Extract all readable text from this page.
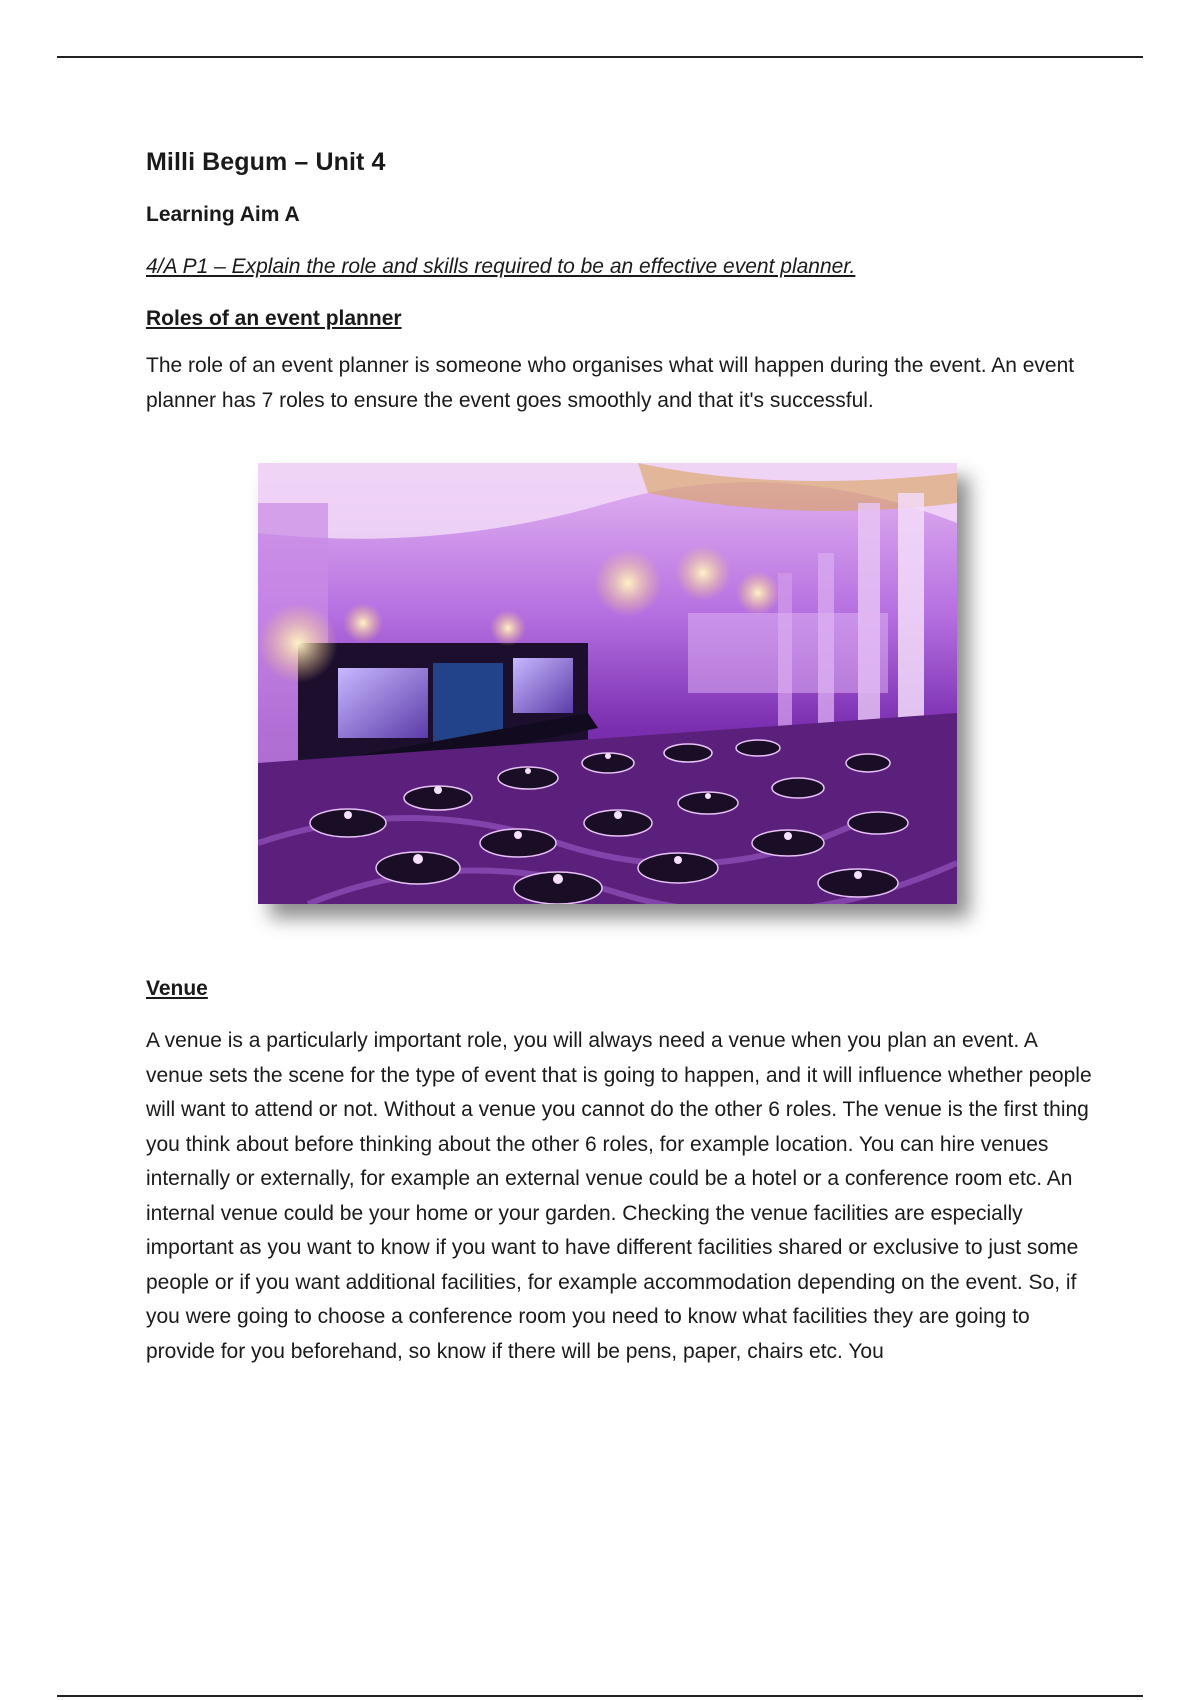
Milli Begum – Unit 4
Learning Aim A
4/A P1 – Explain the role and skills required to be an effective event planner.
Roles of an event planner

The role of an event planner is someone who organises what will happen during the event. An event planner has 7 roles to ensure the event goes smoothly and that it's successful.

Venue

A venue is a particularly important role, you will always need a venue when you plan an event. A venue sets the scene for the type of event that is going to happen, and it will influence whether people will want to attend or not. Without a venue you cannot do the other 6 roles. The venue is the first thing you think about before thinking about the other 6 roles, for example location. You can hire venues internally or externally, for example an external venue could be a hotel or a conference room etc. An internal venue could be your home or your garden. Checking the venue facilities are especially important as you want to know if you want to have different facilities shared or exclusive to just some people or if you want additional facilities, for example accommodation depending on the event. So, if you were going to choose a conference room you need to know what facilities they are going to provide for you beforehand, so know if there will be pens, paper, chairs etc. You
